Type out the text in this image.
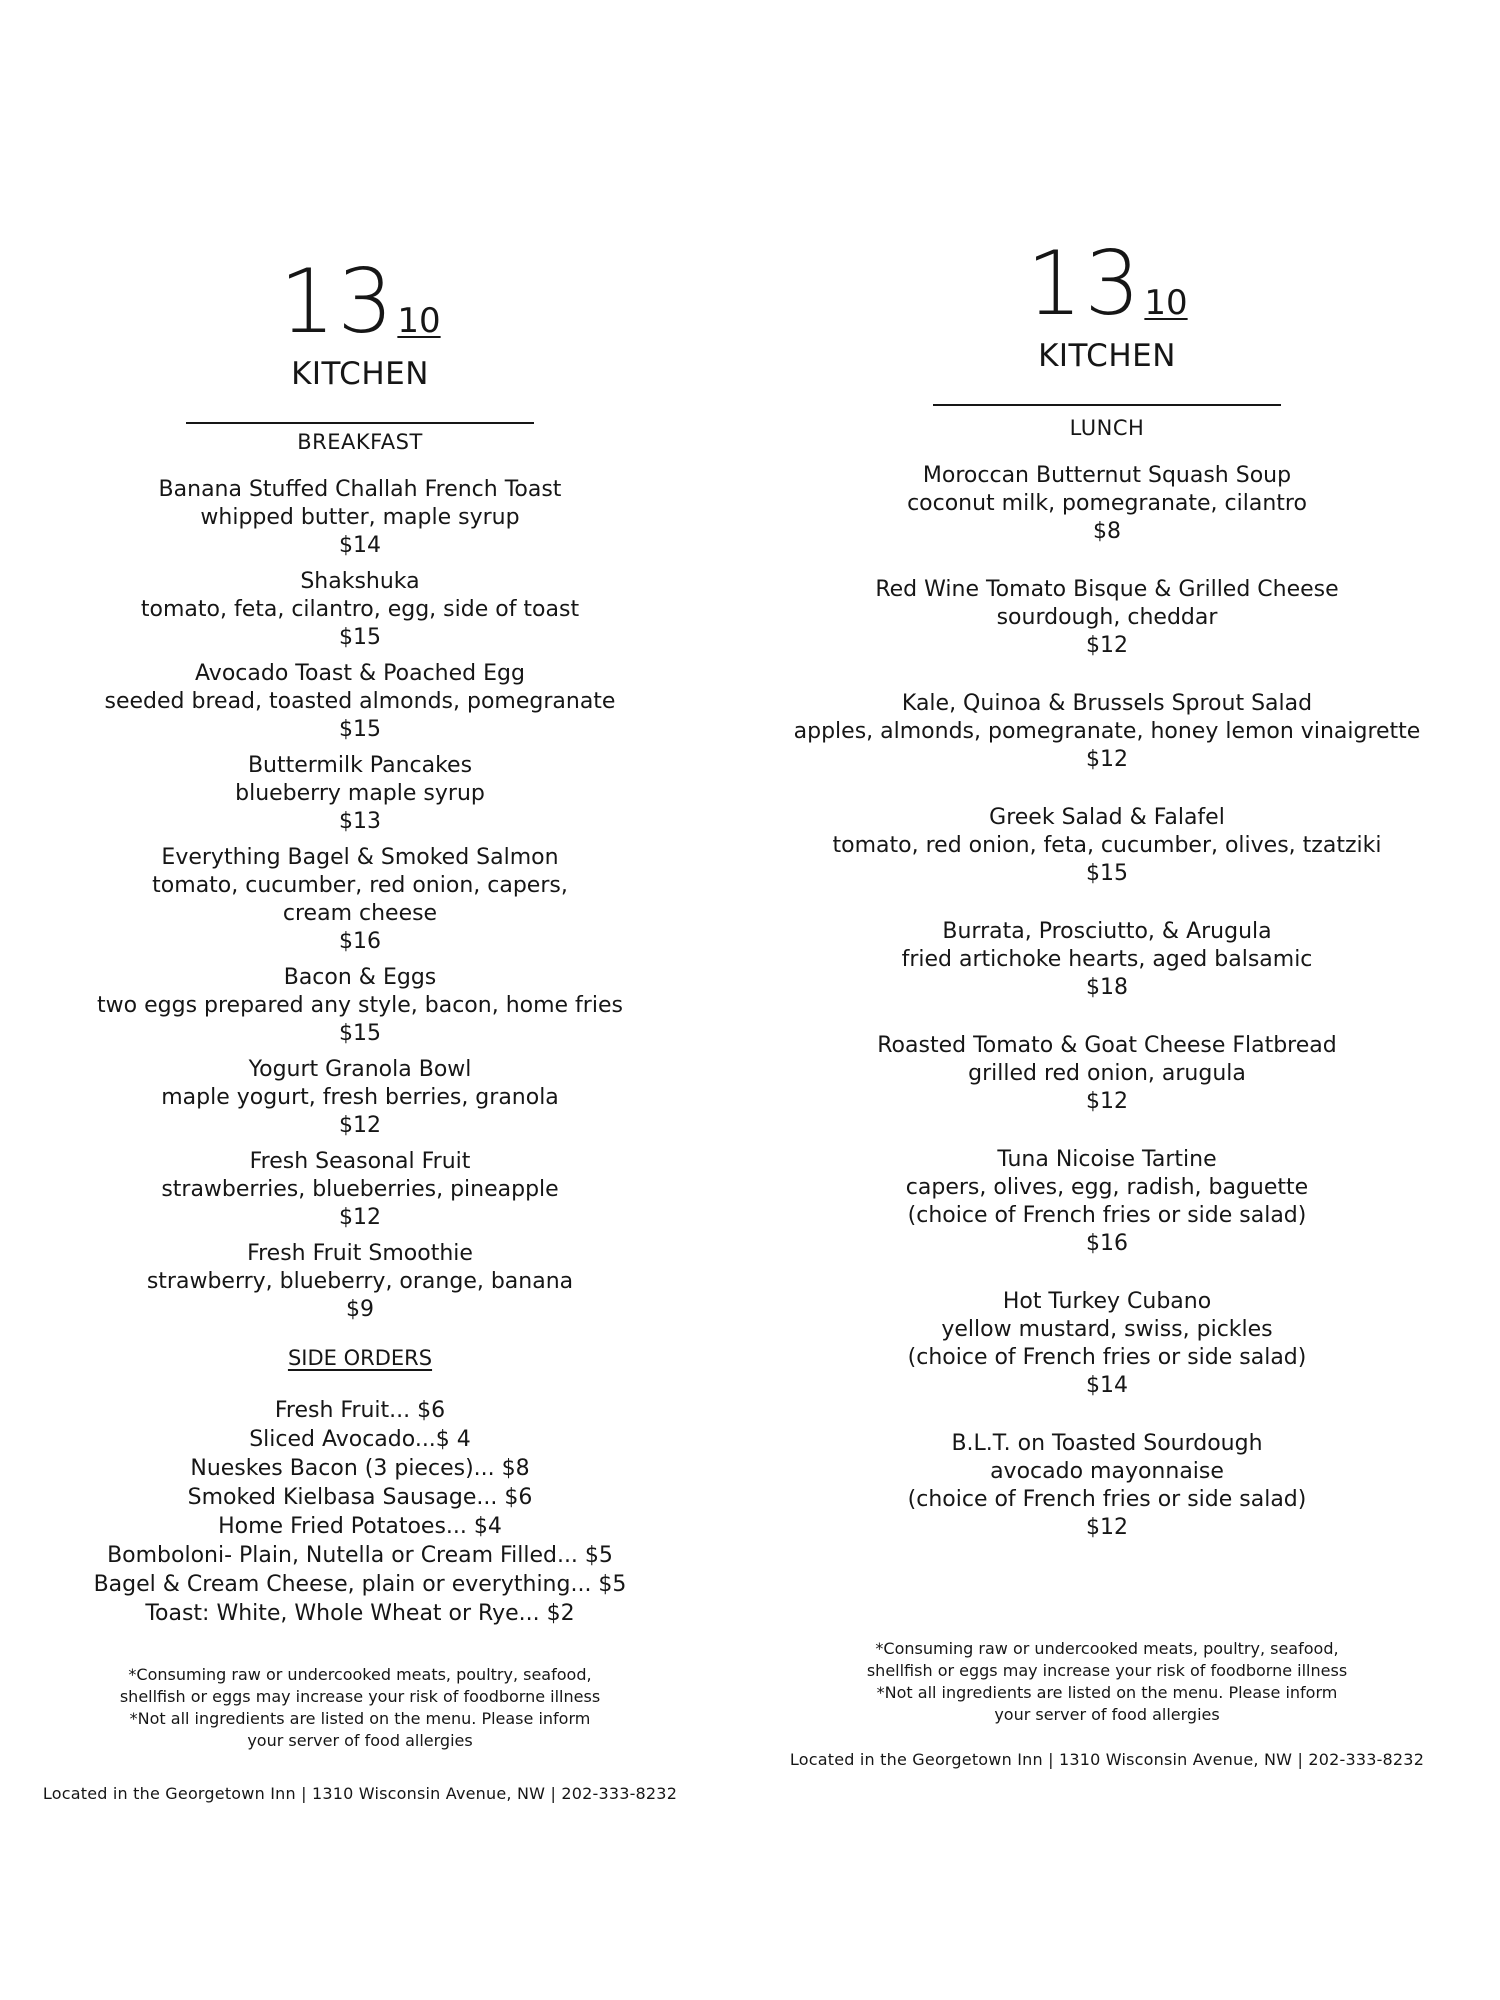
1310
KITCHEN
BREAKFAST
Banana Stuffed Challah French Toast
whipped butter, maple syrup
$14
Shakshuka
tomato, feta, cilantro, egg, side of toast
$15
Avocado Toast & Poached Egg
seeded bread, toasted almonds, pomegranate
$15
Buttermilk Pancakes
blueberry maple syrup
$13
Everything Bagel & Smoked Salmon
tomato, cucumber, red onion, capers,
cream cheese
$16
Bacon & Eggs
two eggs prepared any style, bacon, home fries
$15
Yogurt Granola Bowl
maple yogurt, fresh berries, granola
$12
Fresh Seasonal Fruit
strawberries, blueberries, pineapple
$12
Fresh Fruit Smoothie
strawberry, blueberry, orange, banana
$9
SIDE ORDERS
Fresh Fruit... $6
Sliced Avocado...$ 4
Nueskes Bacon (3 pieces)... $8
Smoked Kielbasa Sausage... $6
Home Fried Potatoes... $4
Bomboloni- Plain, Nutella or Cream Filled... $5
Bagel & Cream Cheese, plain or everything... $5
Toast: White, Whole Wheat or Rye... $2
*Consuming raw or undercooked meats, poultry, seafood,
shellfish or eggs may increase your risk of foodborne illness
*Not all ingredients are listed on the menu. Please inform
your server of food allergies
Located in the Georgetown Inn | 1310 Wisconsin Avenue, NW | 202-333-8232
1310
KITCHEN
LUNCH
Moroccan Butternut Squash Soup
coconut milk, pomegranate, cilantro
$8
Red Wine Tomato Bisque & Grilled Cheese
sourdough, cheddar
$12
Kale, Quinoa & Brussels Sprout Salad
apples, almonds, pomegranate, honey lemon vinaigrette
$12
Greek Salad & Falafel
tomato, red onion, feta, cucumber, olives, tzatziki
$15
Burrata, Prosciutto, & Arugula
fried artichoke hearts, aged balsamic
$18
Roasted Tomato & Goat Cheese Flatbread
grilled red onion, arugula
$12
Tuna Nicoise Tartine
capers, olives, egg, radish, baguette
(choice of French fries or side salad)
$16
Hot Turkey Cubano
yellow mustard, swiss, pickles
(choice of French fries or side salad)
$14
B.L.T. on Toasted Sourdough
avocado mayonnaise
(choice of French fries or side salad)
$12
*Consuming raw or undercooked meats, poultry, seafood,
shellfish or eggs may increase your risk of foodborne illness
*Not all ingredients are listed on the menu. Please inform
your server of food allergies
Located in the Georgetown Inn | 1310 Wisconsin Avenue, NW | 202-333-8232
